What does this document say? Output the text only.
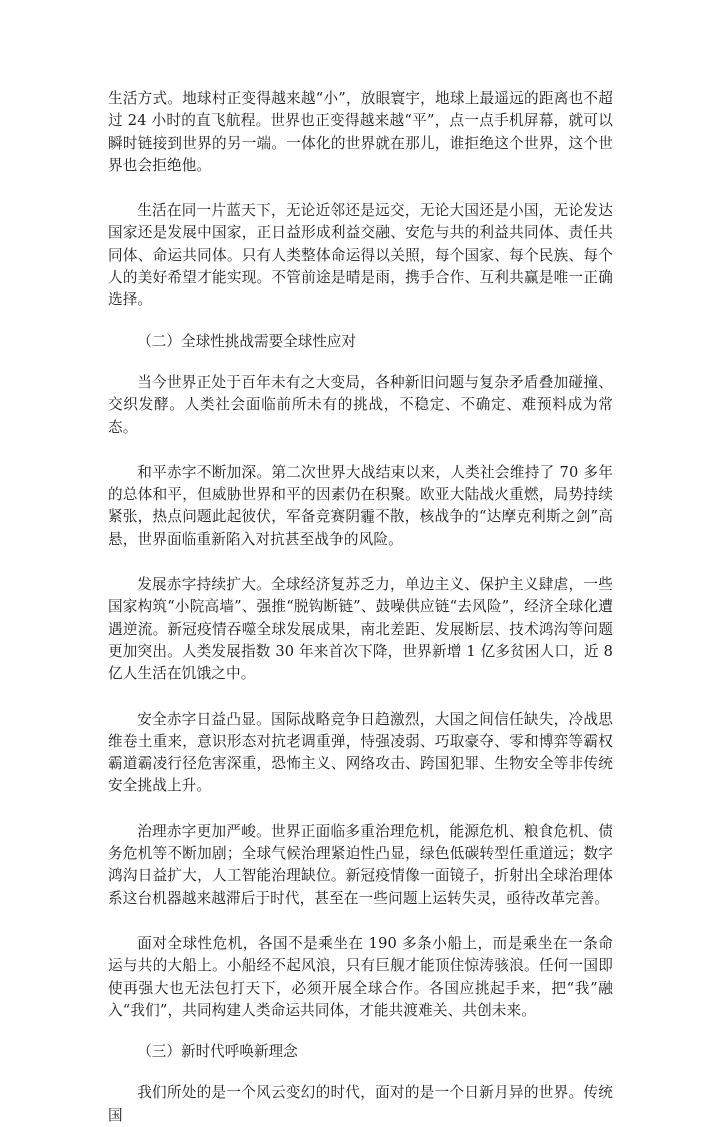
生活方式。地球村正变得越来越“小”，放眼寰宇，地球上最遥远的距离也不超过 24 小时的直飞航程。世界也正变得越来越“平”，点一点手机屏幕，就可以瞬时链接到世界的另一端。一体化的世界就在那儿，谁拒绝这个世界，这个世界也会拒绝他。

生活在同一片蓝天下，无论近邻还是远交，无论大国还是小国，无论发达国家还是发展中国家，正日益形成利益交融、安危与共的利益共同体、责任共同体、命运共同体。只有人类整体命运得以关照，每个国家、每个民族、每个人的美好希望才能实现。不管前途是晴是雨，携手合作、互利共赢是唯一正确选择。

（二）全球性挑战需要全球性应对

当今世界正处于百年未有之大变局，各种新旧问题与复杂矛盾叠加碰撞、交织发酵。人类社会面临前所未有的挑战，不稳定、不确定、难预料成为常态。

和平赤字不断加深。第二次世界大战结束以来，人类社会维持了 70 多年的总体和平，但威胁世界和平的因素仍在积聚。欧亚大陆战火重燃，局势持续紧张，热点问题此起彼伏，军备竞赛阴霾不散，核战争的“达摩克利斯之剑”高悬，世界面临重新陷入对抗甚至战争的风险。

发展赤字持续扩大。全球经济复苏乏力，单边主义、保护主义肆虐，一些国家构筑“小院高墙”、强推“脱钩断链”、鼓噪供应链“去风险”，经济全球化遭遇逆流。新冠疫情吞噬全球发展成果，南北差距、发展断层、技术鸿沟等问题更加突出。人类发展指数 30 年来首次下降，世界新增 1 亿多贫困人口，近 8 亿人生活在饥饿之中。

安全赤字日益凸显。国际战略竞争日趋激烈，大国之间信任缺失，冷战思维卷土重来，意识形态对抗老调重弹，恃强凌弱、巧取豪夺、零和博弈等霸权霸道霸凌行径危害深重，恐怖主义、网络攻击、跨国犯罪、生物安全等非传统安全挑战上升。

治理赤字更加严峻。世界正面临多重治理危机，能源危机、粮食危机、债务危机等不断加剧；全球气候治理紧迫性凸显，绿色低碳转型任重道远；数字鸿沟日益扩大，人工智能治理缺位。新冠疫情像一面镜子，折射出全球治理体系这台机器越来越滞后于时代，甚至在一些问题上运转失灵，亟待改革完善。

面对全球性危机，各国不是乘坐在 190 多条小船上，而是乘坐在一条命运与共的大船上。小船经不起风浪，只有巨舰才能顶住惊涛骇浪。任何一国即使再强大也无法包打天下，必须开展全球合作。各国应挑起手来，把“我”融入“我们”，共同构建人类命运共同体，才能共渡难关、共创未来。

（三）新时代呼唤新理念

我们所处的是一个风云变幻的时代，面对的是一个日新月异的世界。传统国
